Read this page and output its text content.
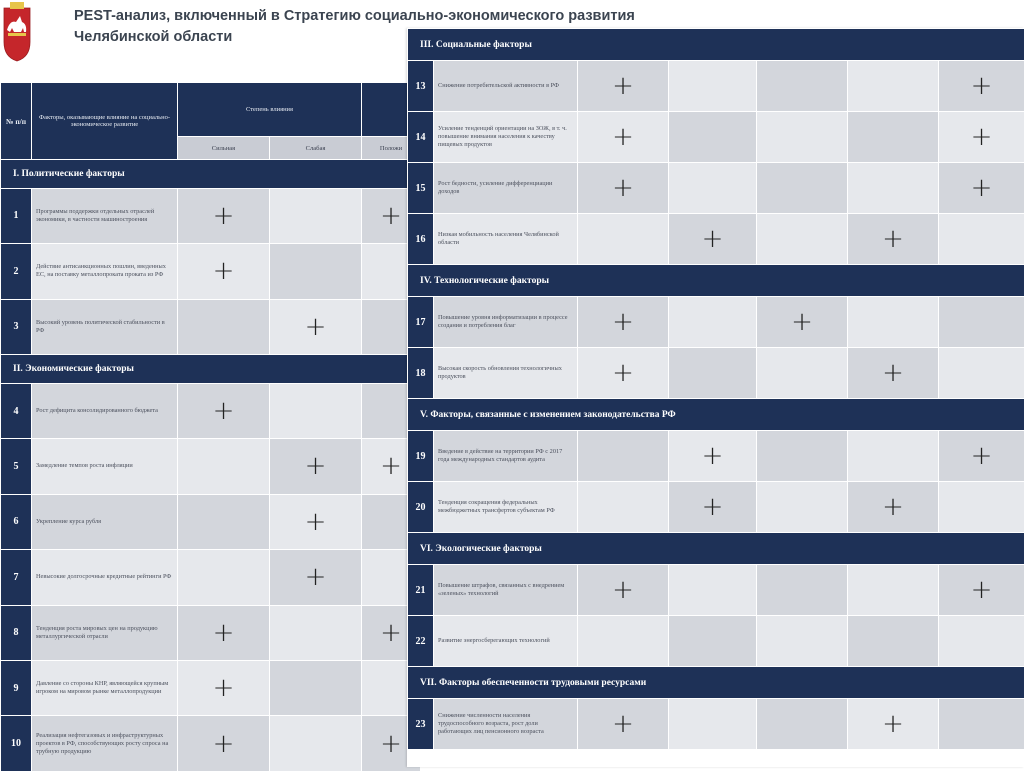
PEST-анализ, включенный в Стратегию социально-экономического развития Челябинской области
№ п/п	Факторы, оказывающие влияние на социально-экономическое развитие	Степень влияния		
		Сильная	Слабая	Положи
I. Политические факторы				
1	Программы поддержки отдельных отраслей экономики, в частности машиностроения	+		+
2	Действие антисанкционных пошлин, введенных ЕС, на поставку металлопроката проката из РФ	+		
3	Высокий уровень политической стабильности в РФ		+	
II. Экономические факторы				
4	Рост дефицита консолидированного бюджета	+		
5	Замедление темпов роста инфляции		+	+
6	Укрепление курса рубля		+	
7	Невысокие долгосрочные кредитные рейтинги РФ		+	
8	Тенденция роста мировых цен на продукцию металлургической отрасли	+		+
9	Давление со стороны КНР, являющейся крупным игроком на мировом рынке металлопродукции	+		
10	Реализация нефтегазовых и инфраструктурных проектов в РФ, способствующих росту спроса на трубную продукцию	+		+
III. Социальные факторы						
13	Снижение потребительской активности в РФ	+				+
14	Усиление тенденций ориентации на ЗОЖ, в т. ч. повышение внимания населения к качеству пищевых продуктов	+				+
15	Рост бедности, усиление дифференциации доходов	+				+
16	Низкая мобильность населения Челябинской области		+		+	
IV. Технологические факторы						
17	Повышение уровня информатизации в процессе создания и потребления благ	+		+		
18	Высокая скорость обновления технологичных продуктов	+			+	
V. Факторы, связанные с изменением законодательства РФ						
19	Введение в действие на территории РФ с 2017 года международных стандартов аудита		+			+
20	Тенденция сокращения федеральных межбюджетных трансфертов субъектам РФ		+		+	
VI. Экологические факторы						
21	Повышение штрафов, связанных с внедрением «зеленых» технологий	+				+
22	Развитие энергосберегающих технологий					
VII. Факторы обеспеченности трудовыми ресурсами						
23	Снижение численности населения трудоспособного возраста, рост доли работающих лиц пенсионного возраста	+			+	
